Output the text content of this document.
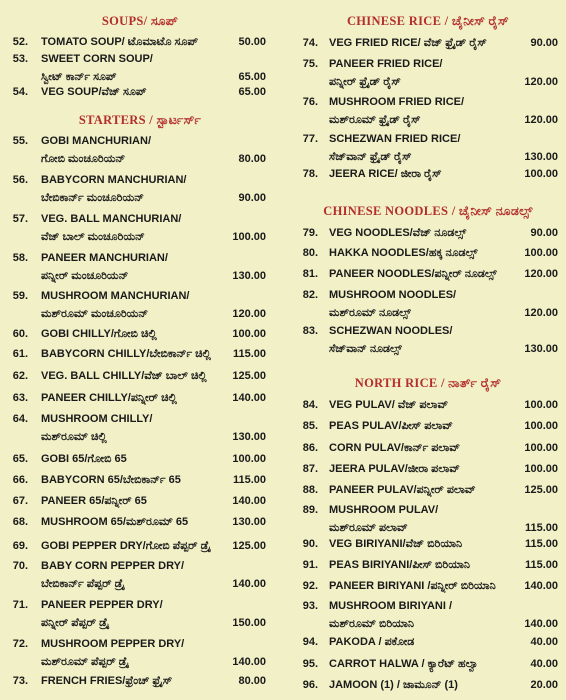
SOUPS/ ಸೂಪ್
STARTERS / ಸ್ಟಾರ್ಟರ್ಸ್
52. TOMATO SOUP/ ಟೊಮಾಟೊ ಸೂಪ್	50.00
53. SWEET CORN SOUP/
ಸ್ವೀಟ್ ಕಾರ್ನ್ ಸೂಪ್	65.00
54. VEG SOUP/ವೆಜ್ ಸೂಪ್	65.00
55. GOBI MANCHURIAN/
ಗೋಬಿ ಮಂಚೂರಿಯನ್	80.00
56. BABYCORN MANCHURIAN/
ಬೇಬಿಕಾರ್ನ್ ಮಂಚೂರಿಯನ್	90.00
57. VEG. BALL MANCHURIAN/
ವೆಜ್ ಬಾಲ್ ಮಂಚೂರಿಯನ್	100.00
58. PANEER MANCHURIAN/
ಪನ್ನೀರ್ ಮಂಚೂರಿಯನ್	130.00
59. MUSHROOM MANCHURIAN/
ಮಶ್‌ರೂಮ್ ಮಂಚೂರಿಯನ್	120.00
60. GOBI CHILLY/ಗೋಬಿ ಚಿಲ್ಲಿ	100.00
61. BABYCORN CHILLY/ಬೇಬಿಕಾರ್ನ್ ಚಿಲ್ಲಿ	115.00
62. VEG. BALL CHILLY/ವೆಜ್ ಬಾಲ್ ಚಿಲ್ಲಿ	125.00
63. PANEER CHILLY/ಪನ್ನೀರ್ ಚಿಲ್ಲಿ	140.00
64. MUSHROOM CHILLY/
ಮಶ್‌ರೂಮ್ ಚಿಲ್ಲಿ	130.00
65. GOBI 65/ಗೋಬಿ 65	100.00
66. BABYCORN 65/ಬೇಬಿಕಾರ್ನ್ 65	115.00
67. PANEER 65/ಪನ್ನೀರ್ 65	140.00
68. MUSHROOM 65/ಮಶ್‌ರೂಮ್ 65	130.00
69. GOBI PEPPER DRY/ಗೋಬಿ ಪೆಪ್ಪರ್ ಡ್ರೈ	125.00
70. BABY CORN PEPPER DRY/
ಬೇಬಿಕಾರ್ನ್ ಪೆಪ್ಪರ್ ಡ್ರೈ	140.00
71. PANEER PEPPER DRY/
ಪನ್ನೀರ್ ಪೆಪ್ಪರ್ ಡ್ರೈ	150.00
72. MUSHROOM PEPPER DRY/
ಮಶ್‌ರೂಮ್ ಪೆಪ್ಪರ್ ಡ್ರೈ	140.00
73. FRENCH FRIES/ಫ್ರೆಂಚ್ ಫ್ರೈಸ್	80.00
CHINESE RICE / ಚೈನೀಸ್ ರೈಸ್
CHINESE NOODLES / ಚೈನೀಸ್ ನೂಡಲ್ಸ್
NORTH RICE / ನಾರ್ತ್ ರೈಸ್
74. VEG FRIED RICE/ ವೆಜ್ ಫ್ರೈಡ್ ರೈಸ್	90.00
75. PANEER FRIED RICE/
ಪನ್ನೀರ್ ಫ್ರೈಡ್ ರೈಸ್	120.00
76. MUSHROOM FRIED RICE/
ಮಶ್‌ರೂಮ್ ಫ್ರೈಡ್ ರೈಸ್	120.00
77. SCHEZWAN FRIED RICE/
ಸೆಜ್‌ವಾನ್ ಫ್ರೈಡ್ ರೈಸ್	130.00
78. JEERA RICE/ ಜೀರಾ ರೈಸ್	100.00
79. VEG NOODLES/ವೆಜ್ ನೂಡಲ್ಸ್	90.00
80. HAKKA NOODLES/ಹಕ್ಕ ನೂಡಲ್ಸ್	100.00
81. PANEER NOODLES/ಪನ್ನೀರ್ ನೂಡಲ್ಸ್	120.00
82. MUSHROOM NOODLES/
ಮಶ್‌ರೂಮ್ ನೂಡಲ್ಸ್	120.00
83. SCHEZWAN NOODLES/
ಸೆಜ್‌ವಾನ್ ನೂಡಲ್ಸ್	130.00
84. VEG PULAV/ ವೆಜ್ ಪಲಾವ್	100.00
85. PEAS PULAV/ಪೀಸ್ ಪಲಾವ್	100.00
86. CORN PULAV/ಕಾರ್ನ್ ಪಲಾವ್	100.00
87. JEERA PULAV/ಜೀರಾ ಪಲಾವ್	100.00
88. PANEER PULAV/ಪನ್ನೀರ್ ಪಲಾವ್	125.00
89. MUSHROOM PULAV/
ಮಶ್‌ರೂಮ್ ಪಲಾವ್	115.00
90. VEG BIRIYANI/ವೆಜ್ ಬಿರಿಯಾನಿ	115.00
91. PEAS BIRIYANI/ಪೀಸ್ ಬಿರಿಯಾನಿ	115.00
92. PANEER BIRIYANI /ಪನ್ನೀರ್ ಬಿರಿಯಾನಿ	140.00
93. MUSHROOM BIRIYANI /
ಮಶ್‌ರೂಮ್ ಬಿರಿಯಾನಿ	140.00
94. PAKODA / ಪಕೋಡ	40.00
95. CARROT HALWA / ಕ್ಯಾರೆಟ್ ಹಲ್ವಾ	40.00
96. JAMOON (1) / ಜಾಮೂನ್ (1)	20.00
